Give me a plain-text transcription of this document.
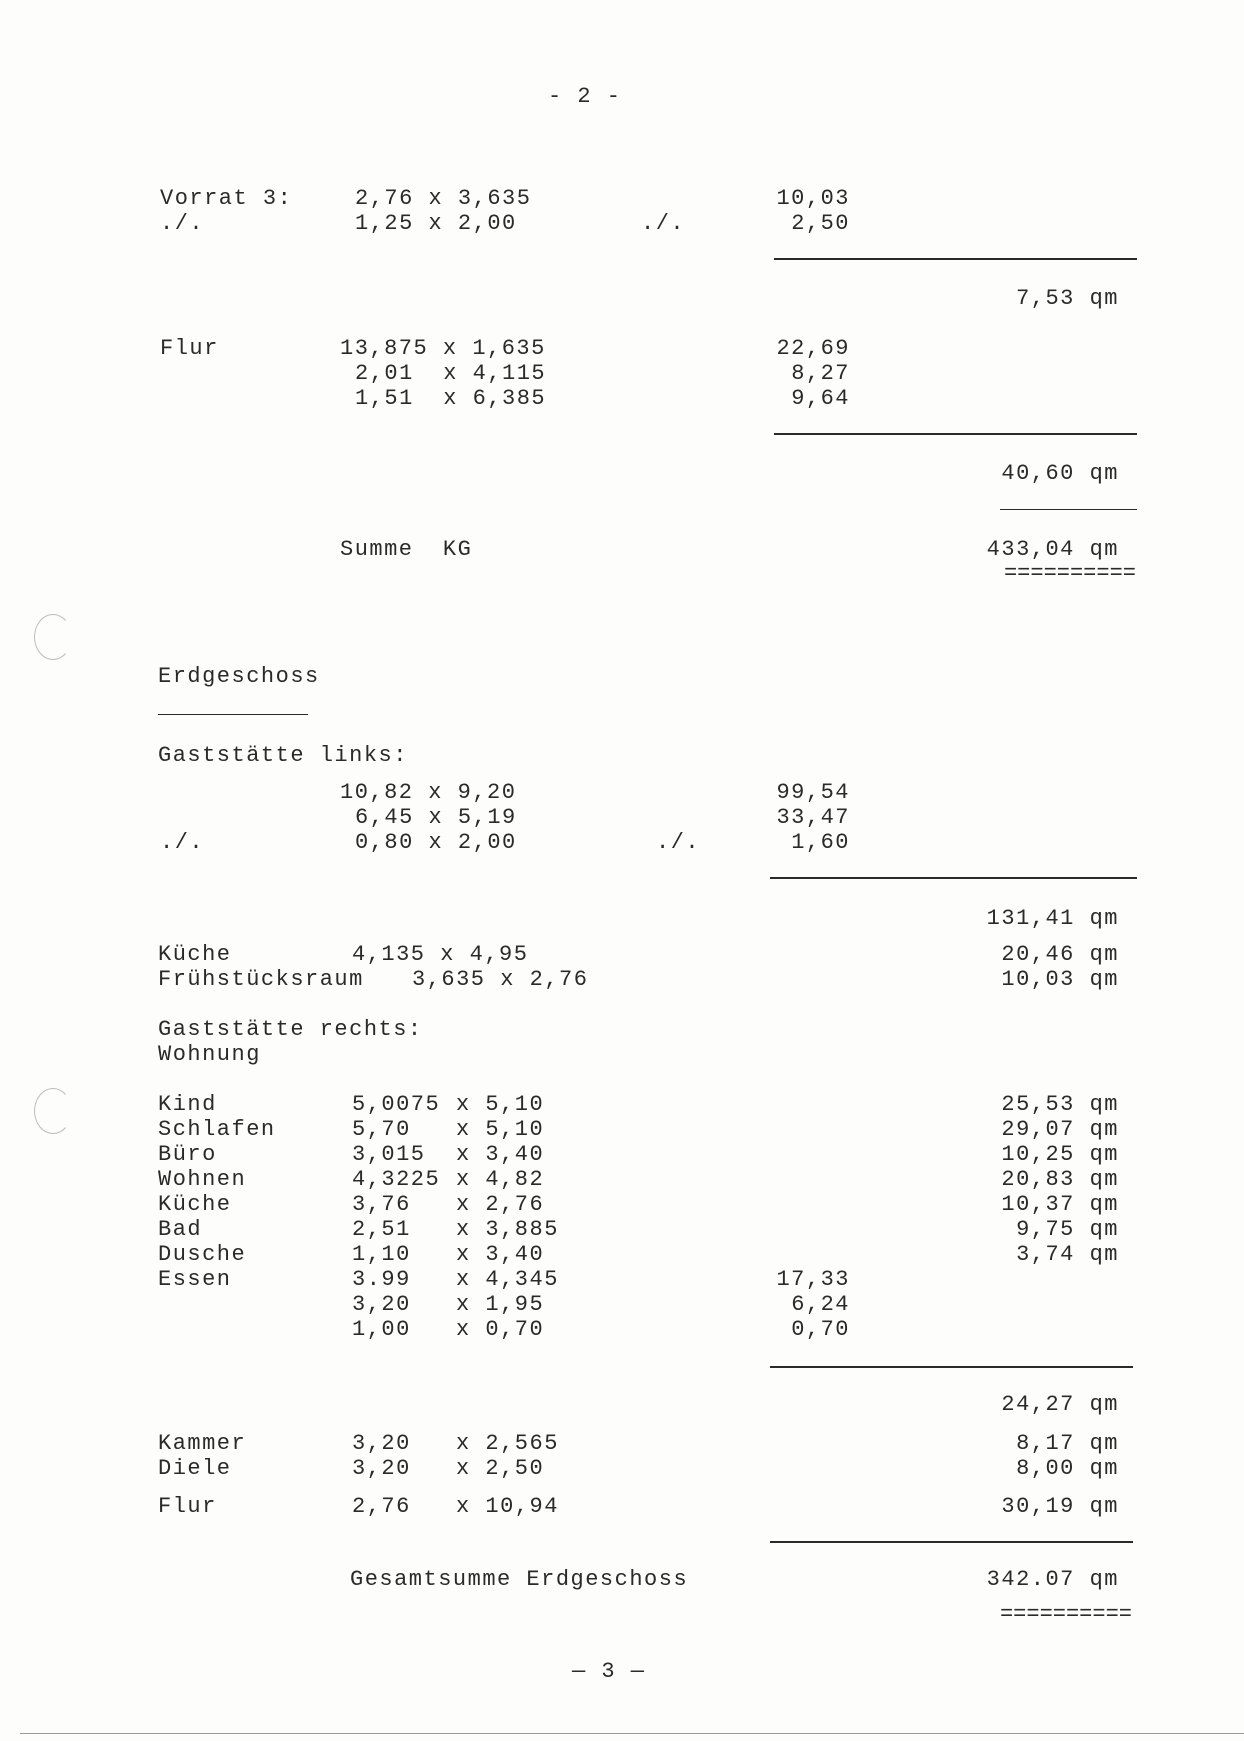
- 2 -
Vorrat 3:	2,76 x 3,635	10,03
./.	1,25 x 2,00	./.	2,50
7,53 qm
Flur	13,875 x 1,635	22,69
2,01  x 4,115	8,27
1,51  x 6,385	9,64
40,60 qm
Summe  KG	433,04 qm
==========
Erdgeschoss
Gaststätte links:
10,82 x 9,20	99,54
6,45 x 5,19	33,47
./.	0,80 x 2,00	./.	1,60
131,41 qm
Küche	4,135 x 4,95	20,46 qm
Frühstücksraum 3,635 x 2,76	10,03 qm
Gaststätte rechts:
Wohnung
Kind	5,0075 x 5,10	25,53 qm
Schlafen	5,70 x 5,10	29,07 qm
Büro	3,015 x 3,40	10,25 qm
Wohnen	4,3225 x 4,82	20,83 qm
Küche	3,76 x 2,76	10,37 qm
Bad	2,51 x 3,885	9,75 qm
Dusche	1,10 x 3,40	3,74 qm
Essen	3.99 x 4,345	17,33
3,20 x 1,95	6,24
1,00 x 0,70	0,70
24,27 qm
Kammer	3,20 x 2,565	8,17 qm
Diele	3,20 x 2,50	8,00 qm
Flur	2,76 x 10,94	30,19 qm
Gesamtsumme Erdgeschoss	342.07 qm
==========
— 3 —
